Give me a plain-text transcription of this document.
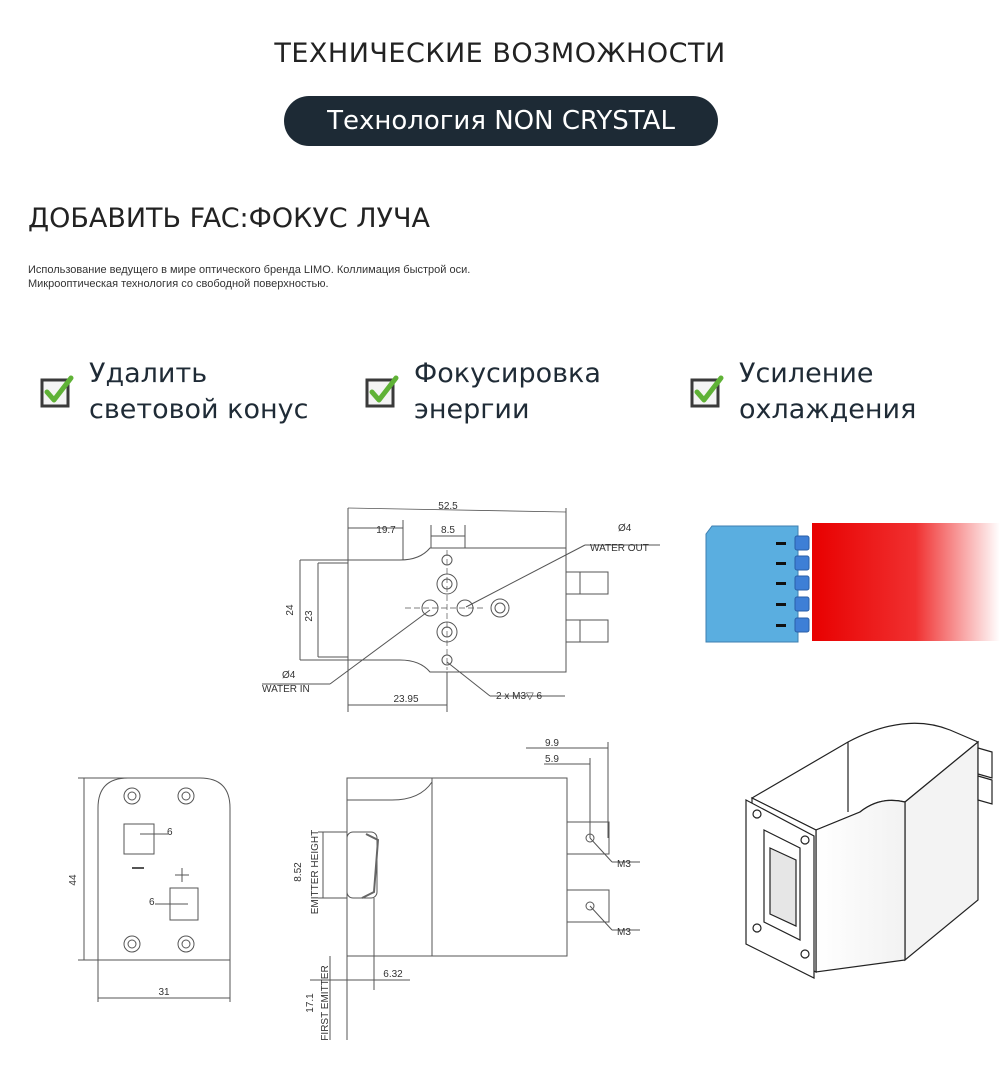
ТЕХНИЧЕСКИЕ ВОЗМОЖНОСТИ
Технология NON CRYSTAL
ДОБАВИТЬ FAC:ФОКУС ЛУЧА
Использование ведущего в мире оптического бренда LIMO. Коллимация быстрой оси.
Микрооптическая технология со свободной поверхностью.
Удалить
световой конус
Фокусировка
энергии
Усиление
охлаждения
52.5
19.7	8.5
24
23
23.95
Ø4
WATER OUT
Ø4
WATER IN
2 x M3▽ 6
44
31
6
6
9.9
5.9
M3
M3
8.52 EMITTER HEIGHT
6.32
17.1 FIRST EMITTER
